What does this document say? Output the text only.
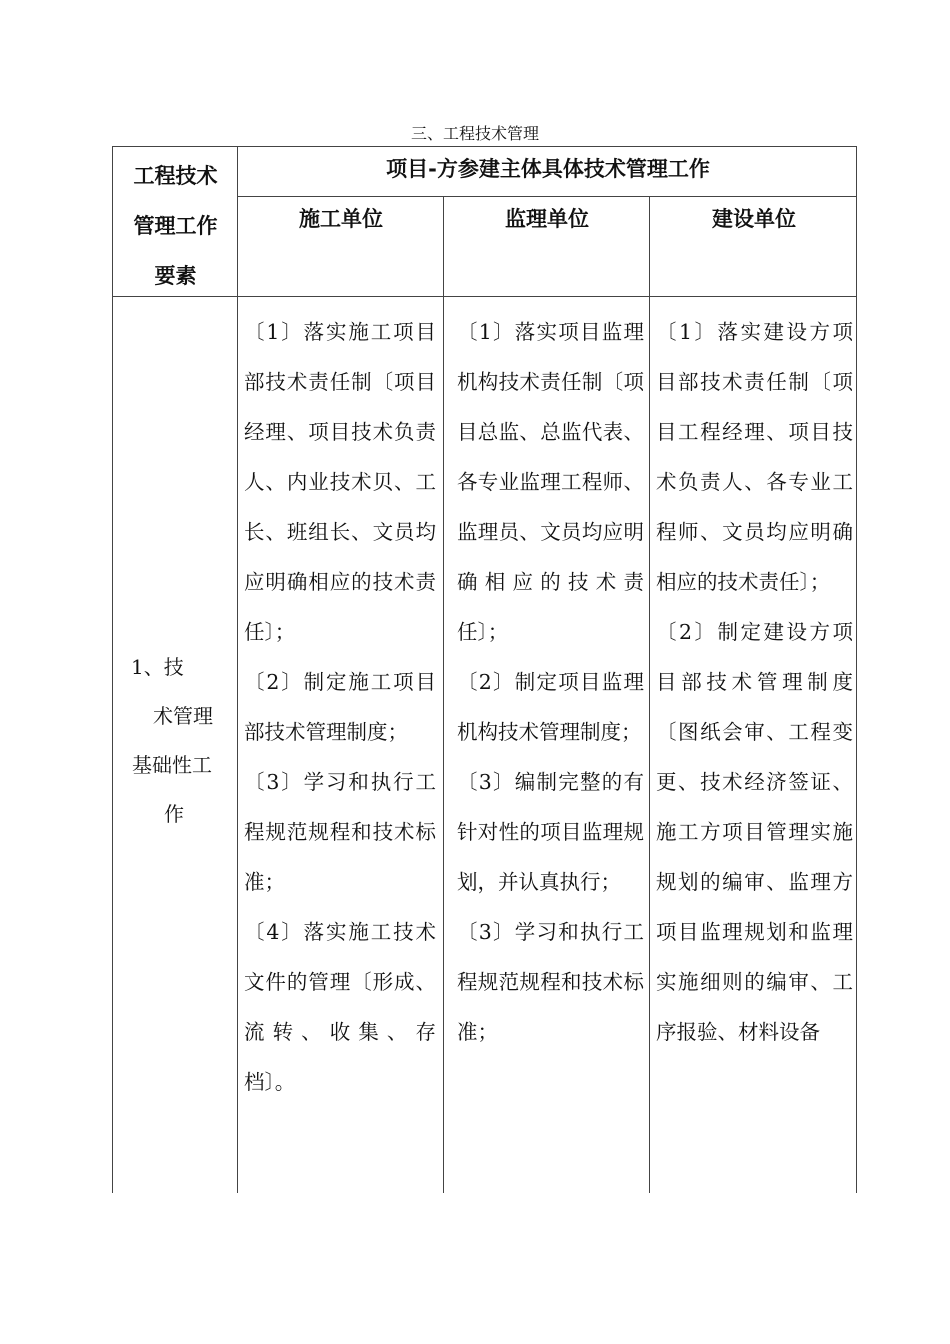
三、工程技术管理
工程技术
管理工作
要素
项目-方参建主体具体技术管理工作
施工单位	监理单位	建设单位
1、技
术管理
基础性工
作

〔1〕落实施工项目部技术责任制〔项目经理、项目技术负责人、内业技术贝、工长、班组长、文员均应明确相应的技术责任〕；

〔2〕制定施工项目部技术管理制度；

〔3〕学习和执行工程规范规程和技术标准；

〔4〕落实施工技术文件的管理〔形成、流转、收集、存档〕。

〔1〕落实项目监理机构技术责任制〔项目总监、总监代表、各专业监理工程师、监理员、文员均应明确相应的技术责任〕；

〔2〕制定项目监理机构技术管理制度；

〔3〕编制完整的有针对性的项目监理规划，并认真执行；

〔3〕学习和执行工程规范规程和技术标准；

〔1〕落实建设方项目部技术责任制〔项目工程经理、项目技术负责人、各专业工程师、文员均应明确相应的技术责任〕；

〔2〕制定建设方项目部技术管理制度〔图纸会审、工程变更、技术经济签证、施工方项目管理实施规划的编审、监理方项目监理规划和监理实施细则的编审、工序报验、材料设备
